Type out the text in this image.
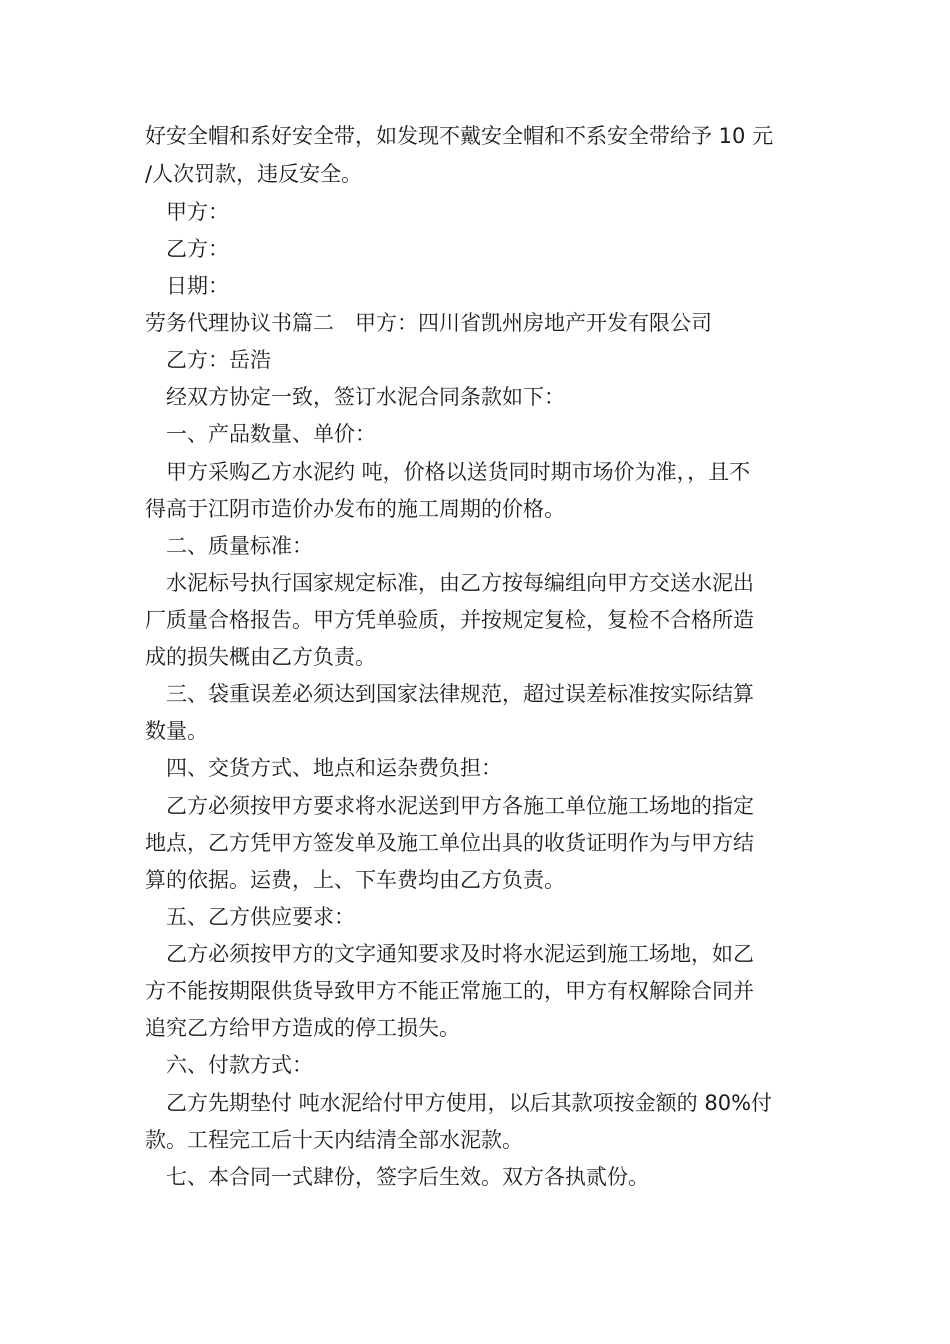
好安全帽和系好安全带，如发现不戴安全帽和不系安全带给予 10 元
/人次罚款，违反安全。
甲方：
乙方：
日期：
劳务代理协议书篇二　甲方：四川省凯州房地产开发有限公司
乙方：岳浩
经双方协定一致，签订水泥合同条款如下：
一、产品数量、单价：
甲方采购乙方水泥约 吨，价格以送货同时期市场价为准，，且不
得高于江阴市造价办发布的施工周期的价格。
二、质量标准：
水泥标号执行国家规定标准，由乙方按每编组向甲方交送水泥出
厂质量合格报告。甲方凭单验质，并按规定复检，复检不合格所造
成的损失概由乙方负责。
三、袋重误差必须达到国家法律规范，超过误差标准按实际结算
数量。
四、交货方式、地点和运杂费负担：
乙方必须按甲方要求将水泥送到甲方各施工单位施工场地的指定
地点，乙方凭甲方签发单及施工单位出具的收货证明作为与甲方结
算的依据。运费，上、下车费均由乙方负责。
五、乙方供应要求：
乙方必须按甲方的文字通知要求及时将水泥运到施工场地，如乙
方不能按期限供货导致甲方不能正常施工的，甲方有权解除合同并
追究乙方给甲方造成的停工损失。
六、付款方式：
乙方先期垫付 吨水泥给付甲方使用，以后其款项按金额的 80%付
款。工程完工后十天内结清全部水泥款。
七、本合同一式肆份，签字后生效。双方各执贰份。
